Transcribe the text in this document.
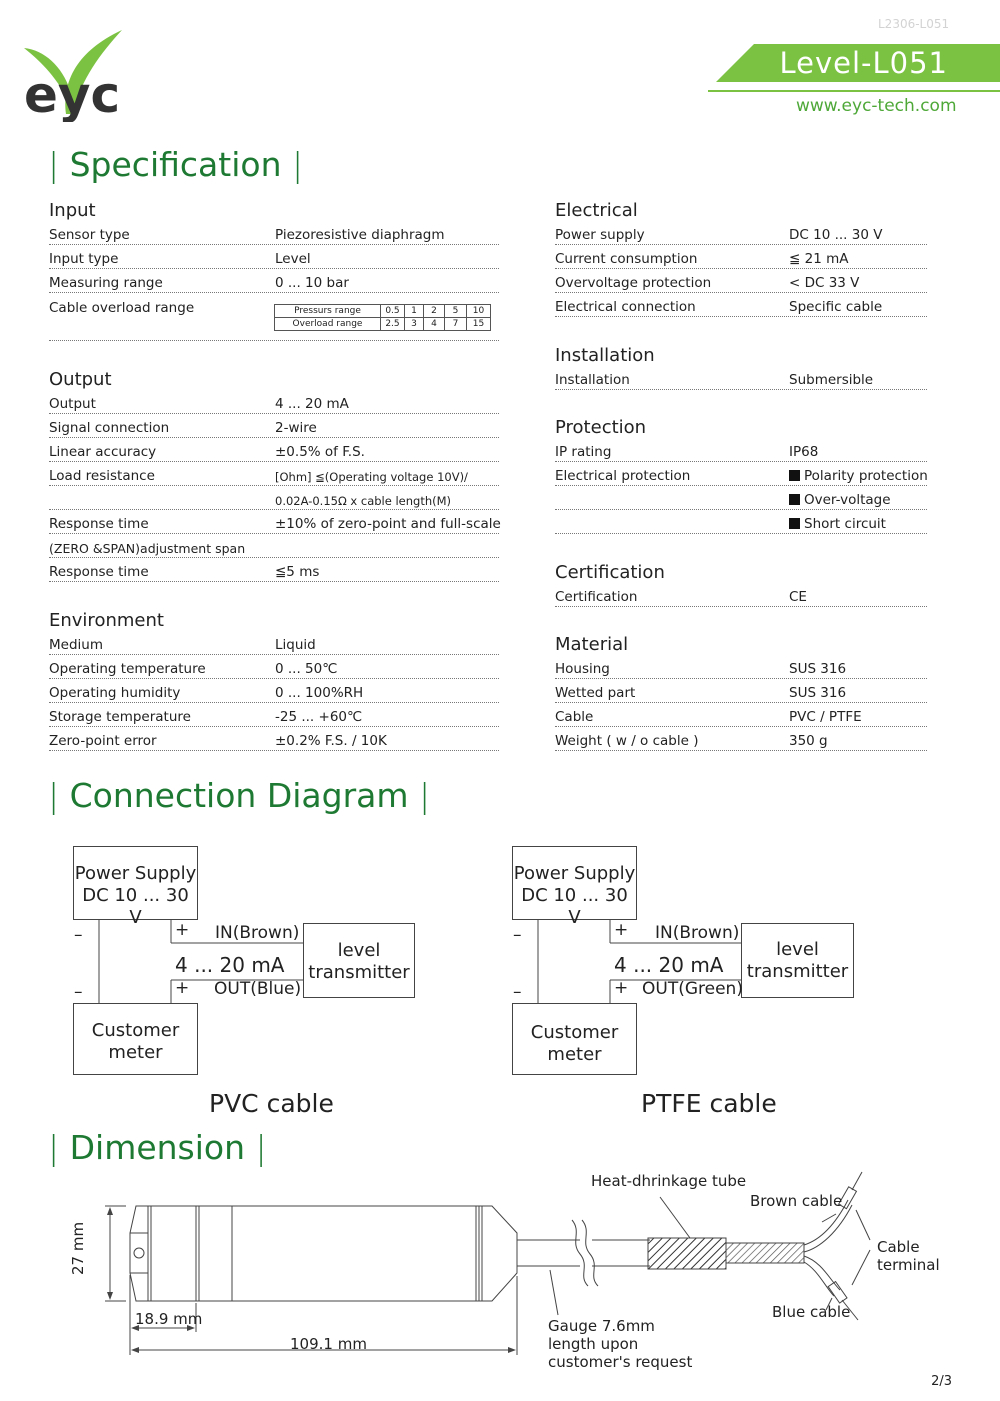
eyc
L2306-L051
Level-L051
www.eyc-tech.com
| Specification |
Input
Sensor type	Piezoresistive diaphragm
Input type	Level
Measuring range	0 ... 10 bar
Cable overload range	Pressurs range	0.5	1	2	5	10
Overload range	2.5	3	4	7	15
Output
Output	4 ... 20 mA
Signal connection	2-wire
Linear accuracy	±0.5% of F.S.
Load resistance	[Ohm] ≦(Operating voltage 10V)/
0.02A-0.15Ω x cable length(M)
Response time	±10% of zero-point and full-scale
(ZERO &SPAN)adjustment span
Response time	≦5 ms
Environment
Medium	Liquid
Operating temperature	0 ... 50℃
Operating humidity	0 ... 100%RH
Storage temperature	-25 ... +60℃
Zero-point error	±0.2% F.S. / 10K
Electrical
Power supply	DC 10 ... 30 V
Current consumption	≦ 21 mA
Overvoltage protection	< DC 33 V
Electrical connection	Specific cable
Installation
Installation	Submersible
Protection
IP rating	IP68
Electrical protection	Polarity protection
Over-voltage
Short circuit
Certification
Certification	CE
Material
Housing	SUS 316
Wetted part	SUS 316
Cable	PVC / PTFE
Weight ( w / o cable )	350 g
| Connection Diagram |
Power Supply
DC 10 ... 30 V
level
transmitter
Customer
meter
–
–
+
+
IN(Brown)
4 ... 20 mA
OUT(Blue)
PVC cable
Power Supply
DC 10 ... 30 V
level
transmitter
Customer
meter
–
–
+
+
IN(Brown)
4 ... 20 mA
OUT(Green)
PTFE cable
| Dimension |
27 mm
18.9 mm
109.1 mm
Heat-dhrinkage tube
Brown cable
Blue cable
Cable
terminal
Gauge 7.6mm
length upon
customer's request
2/3
